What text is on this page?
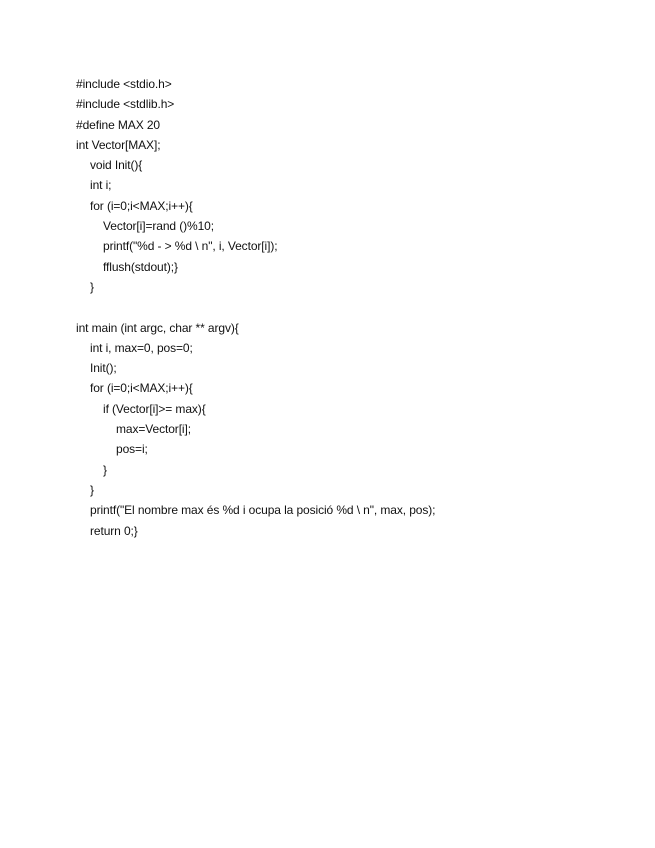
#include <stdio.h>
#include <stdlib.h>
#define MAX 20
int Vector[MAX];
void Init(){
int i;
for (i=0;i<MAX;i++){
Vector[i]=rand ()%10;
printf("%d - > %d \ n", i, Vector[i]);
fflush(stdout);}
}
int main (int argc, char ** argv){
int i, max=0, pos=0;
Init();
for (i=0;i<MAX;i++){
if (Vector[i]>= max){
max=Vector[i];
pos=i;
}
}
printf("El nombre max és %d i ocupa la posició %d \ n", max, pos);
return 0;}
